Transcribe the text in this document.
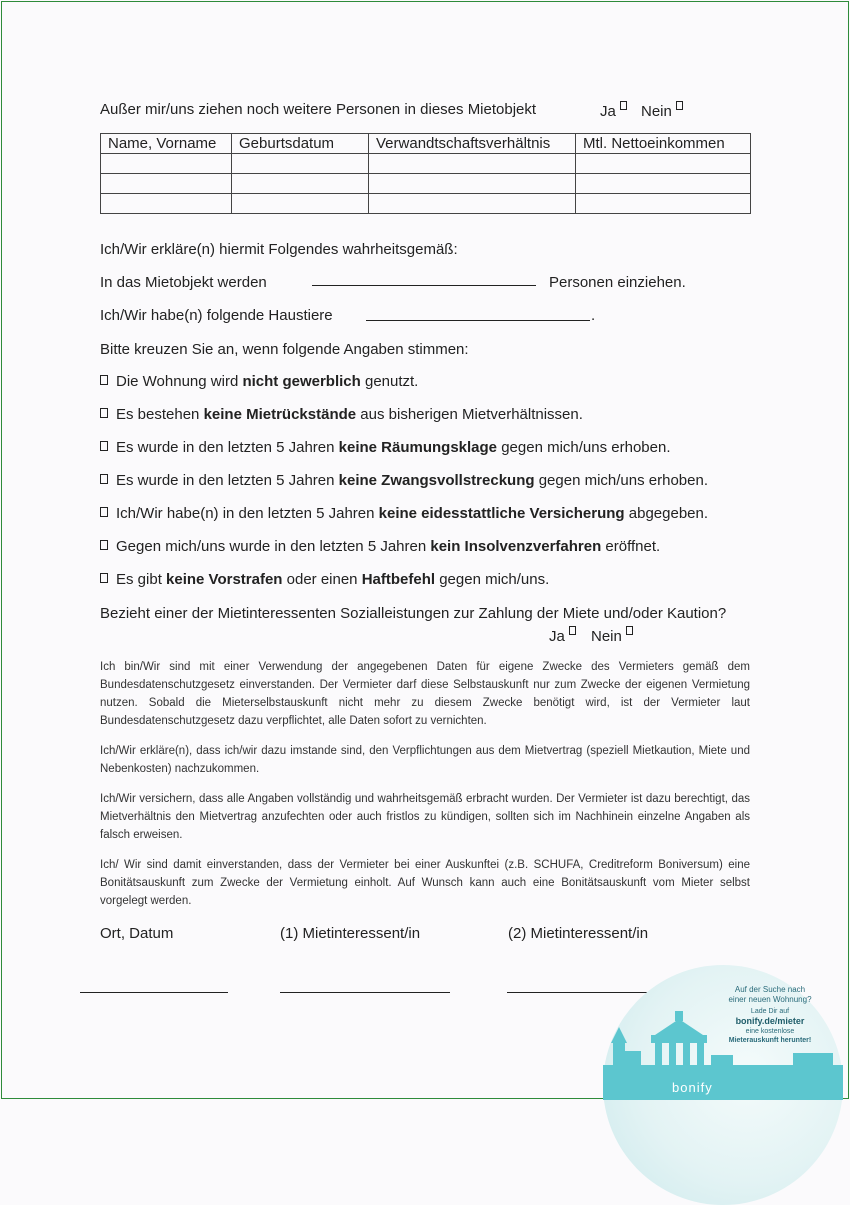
Außer mir/uns ziehen noch weitere Personen in dieses Mietobjekt	Ja	Nein
Name, Vorname	Geburtsdatum	Verwandtschaftsverhältnis	Mtl. Nettoeinkommen

Ich/Wir erkläre(n) hiermit Folgendes wahrheitsgemäß:
In das Mietobjekt werden	Personen einziehen.
Ich/Wir habe(n) folgende Haustiere	.
Bitte kreuzen Sie an, wenn folgende Angaben stimmen:
Die Wohnung wird nicht gewerblich genutzt.
Es bestehen keine Mietrückstände aus bisherigen Mietverhältnissen.
Es wurde in den letzten 5 Jahren keine Räumungsklage gegen mich/uns erhoben.
Es wurde in den letzten 5 Jahren keine Zwangsvollstreckung gegen mich/uns erhoben.
Ich/Wir habe(n) in den letzten 5 Jahren keine eidesstattliche Versicherung abgegeben.
Gegen mich/uns wurde in den letzten 5 Jahren kein Insolvenzverfahren eröffnet.
Es gibt keine Vorstrafen oder einen Haftbefehl gegen mich/uns.
Bezieht einer der Mietinteressenten Sozialleistungen zur Zahlung der Miete und/oder Kaution?
Ja	Nein
Ich bin/Wir sind mit einer Verwendung der angegebenen Daten für eigene Zwecke des Vermieters gemäß dem Bundesdatenschutzgesetz einverstanden. Der Vermieter darf diese Selbstauskunft nur zum Zwecke der eigenen Vermietung nutzen. Sobald die Mieterselbstauskunft nicht mehr zu diesem Zwecke benötigt wird, ist der Vermieter laut Bundesdatenschutzgesetz dazu verpflichtet, alle Daten sofort zu vernichten.
Ich/Wir erkläre(n), dass ich/wir dazu imstande sind, den Verpflichtungen aus dem Mietvertrag (speziell Mietkaution, Miete und Nebenkosten) nachzukommen.
Ich/Wir versichern, dass alle Angaben vollständig und wahrheitsgemäß erbracht wurden. Der Vermieter ist dazu berechtigt, das Mietverhältnis den Mietvertrag anzufechten oder auch fristlos zu kündigen, sollten sich im Nachhinein einzelne Angaben als falsch erweisen.
Ich/ Wir sind damit einverstanden, dass der Vermieter bei einer Auskunftei (z.B. SCHUFA, Creditreform Boniversum) eine Bonitätsauskunft zum Zwecke der Vermietung einholt. Auf Wunsch kann auch eine Bonitätsauskunft vom Mieter selbst vorgelegt werden.
Ort, Datum	(1) Mietinteressent/in	(2) Mietinteressent/in
bonify
Auf der Suche nach
einer neuen Wohnung?
Lade Dir auf
bonify.de/mieter
eine kostenlose
Mieterauskunft herunter!
